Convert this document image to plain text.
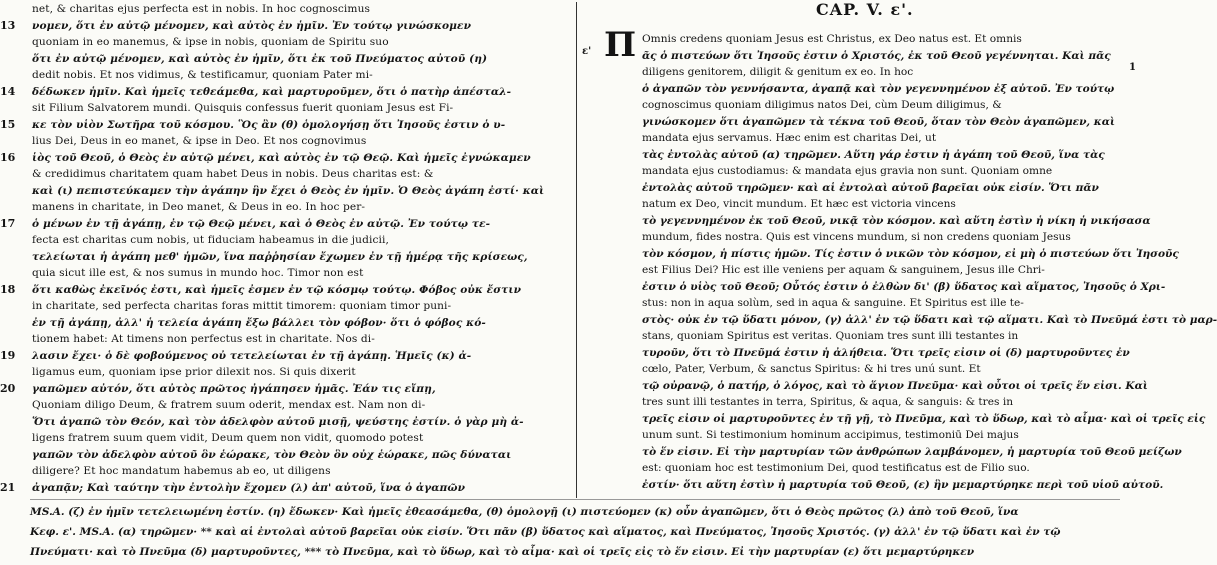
net, & charitas ejus perfecta est in nobis. In hoc cognoscimus
13	νομεν, ὅτι ἐν αὐτῷ μένομεν, καὶ αὐτὸς ἐν ἡμῖν. Ἐν τούτῳ γινώσκομεν
quoniam in eo manemus, & ipse in nobis, quoniam de Spiritu suo
ὅτι ἐν αὐτῷ μένομεν, καὶ αὐτὸς ἐν ἡμῖν, ὅτι ἐκ τοῦ Πνεύματος αὐτοῦ (η)
dedit nobis. Et nos vidimus, & testificamur, quoniam Pater mi-
14	δέδωκεν ἡμῖν. Καὶ ἡμεῖς τεθεάμεθα, καὶ μαρτυροῦμεν, ὅτι ὁ πατὴρ ἀπέσταλ-
sit Filium Salvatorem mundi. Quisquis confessus fuerit quoniam Jesus est Fi-
15	κε τὸν υἱὸν Σωτῆρα τοῦ κόσμου. Ὃς ἂν (θ) ὁμολογήσῃ ὅτι Ἰησοῦς ἐστιν ὁ υ-
lius Dei, Deus in eo manet, & ipse in Deo. Et nos cognovimus
16	ἱὸς τοῦ Θεοῦ, ὁ Θεὸς ἐν αὐτῷ μένει, καὶ αὐτὸς ἐν τῷ Θεῷ. Καὶ ἡμεῖς ἐγνώκαμεν
& credidimus charitatem quam habet Deus in nobis. Deus charitas est: &
καὶ (ι) πεπιστεύκαμεν τὴν ἀγάπην ἣν ἔχει ὁ Θεὸς ἐν ἡμῖν. Ὁ Θεὸς ἀγάπη ἐστί· καὶ
manens in charitate, in Deo manet, & Deus in eo. In hoc per-
17	ὁ μένων ἐν τῇ ἀγάπῃ, ἐν τῷ Θεῷ μένει, καὶ ὁ Θεὸς ἐν αὐτῷ. Ἐν τούτῳ τε-
fecta est charitas cum nobis, ut fiduciam habeamus in die judicii,
τελείωται ἡ ἀγάπη μεθ' ἡμῶν, ἵνα παῤῥησίαν ἔχωμεν ἐν τῇ ἡμέρᾳ τῆς κρίσεως,
quia sicut ille est, & nos sumus in mundo hoc. Timor non est
18	ὅτι καθὼς ἐκεῖνός ἐστι, καὶ ἡμεῖς ἐσμεν ἐν τῷ κόσμῳ τούτῳ. Φόβος οὐκ ἔστιν
in charitate, sed perfecta charitas foras mittit timorem: quoniam timor puni-
ἐν τῇ ἀγάπῃ, ἀλλ' ἡ τελεία ἀγάπη ἔξω βάλλει τὸν φόβον· ὅτι ὁ φόβος κό-
tionem habet: At timens non perfectus est in charitate. Nos di-
19	λασιν ἔχει· ὁ δὲ φοβούμενος οὐ τετελείωται ἐν τῇ ἀγάπῃ. Ἡμεῖς (κ) ἀ-
ligamus eum, quoniam ipse prior dilexit nos. Si quis dixerit
20	γαπῶμεν αὐτόν, ὅτι αὐτὸς πρῶτος ἠγάπησεν ἡμᾶς. Ἐάν τις εἴπῃ,
Quoniam diligo Deum, & fratrem suum oderit, mendax est. Nam non di-
Ὅτι ἀγαπῶ τὸν Θεόν, καὶ τὸν ἀδελφὸν αὐτοῦ μισῇ, ψεύστης ἐστίν. ὁ γὰρ μὴ ἀ-
ligens fratrem suum quem vidit, Deum quem non vidit, quomodo potest
γαπῶν τὸν ἀδελφὸν αὐτοῦ ὃν ἑώρακε, τὸν Θεὸν ὃν οὐχ ἑώρακε, πῶς δύναται
diligere? Et hoc mandatum habemus ab eo, ut diligens
21	ἀγαπᾷν; Καὶ ταύτην τὴν ἐντολὴν ἔχομεν (λ) ἀπ' αὐτοῦ, ἵνα ὁ ἀγαπῶν
CAP. V. ε'.
ε'
1
Π Omnis credens quoniam Jesus est Christus, ex Deo natus est. Et omnis
ᾶς ὁ πιστεύων ὅτι Ἰησοῦς ἐστιν ὁ Χριστός, ἐκ τοῦ Θεοῦ γεγέννηται. Καὶ πᾶς
diligens genitorem, diligit & genitum ex eo. In hoc
ὁ ἀγαπῶν τὸν γεννήσαντα, ἀγαπᾷ καὶ τὸν γεγεννημένον ἐξ αὐτοῦ. Ἐν τούτῳ
cognoscimus quoniam diligimus natos Dei, cùm Deum diligimus, &
γινώσκομεν ὅτι ἀγαπῶμεν τὰ τέκνα τοῦ Θεοῦ, ὅταν τὸν Θεὸν ἀγαπῶμεν, καὶ
mandata ejus servamus. Hæc enim est charitas Dei, ut
τὰς ἐντολὰς αὐτοῦ (α) τηρῶμεν. Αὕτη γάρ ἐστιν ἡ ἀγάπη τοῦ Θεοῦ, ἵνα τὰς
mandata ejus custodiamus: & mandata ejus gravia non sunt. Quoniam omne
ἐντολὰς αὐτοῦ τηρῶμεν· καὶ αἱ ἐντολαὶ αὐτοῦ βαρεῖαι οὐκ εἰσίν. Ὅτι πᾶν
natum ex Deo, vincit mundum. Et hæc est victoria vincens
τὸ γεγεννημένον ἐκ τοῦ Θεοῦ, νικᾷ τὸν κόσμον. καὶ αὕτη ἐστὶν ἡ νίκη ἡ νικήσασα
mundum, fides nostra. Quis est vincens mundum, si non credens quoniam Jesus
τὸν κόσμον, ἡ πίστις ἡμῶν. Τίς ἐστιν ὁ νικῶν τὸν κόσμον, εἰ μὴ ὁ πιστεύων ὅτι Ἰησοῦς
est Filius Dei? Hic est ille veniens per aquam & sanguinem, Jesus ille Chri-
ἐστιν ὁ υἱὸς τοῦ Θεοῦ; Οὗτός ἐστιν ὁ ἐλθὼν δι' (β) ὕδατος καὶ αἵματος, Ἰησοῦς ὁ Χρι-
stus: non in aqua solùm, sed in aqua & sanguine. Et Spiritus est ille te-
στὸς· οὐκ ἐν τῷ ὕδατι μόνον, (γ) ἀλλ' ἐν τῷ ὕδατι καὶ τῷ αἵματι. Καὶ τὸ Πνεῦμά ἐστι τὸ μαρ-
stans, quoniam Spiritus est veritas. Quoniam tres sunt illi testantes in
τυροῦν, ὅτι τὸ Πνεῦμά ἐστιν ἡ ἀλήθεια. Ὅτι τρεῖς εἰσιν οἱ (δ) μαρτυροῦντες ἐν
cœlo, Pater, Verbum, & sanctus Spiritus: & hi tres unú sunt. Et
τῷ οὐρανῷ, ὁ πατήρ, ὁ λόγος, καὶ τὸ ἅγιον Πνεῦμα· καὶ οὗτοι οἱ τρεῖς ἕν εἰσι. Καὶ
tres sunt illi testantes in terra, Spiritus, & aqua, & sanguis: & tres in
τρεῖς εἰσιν οἱ μαρτυροῦντες ἐν τῇ γῇ, τὸ Πνεῦμα, καὶ τὸ ὕδωρ, καὶ τὸ αἷμα· καὶ οἱ τρεῖς εἰς
unum sunt. Si testimonium hominum accipimus, testimoniū Dei majus
τὸ ἕν εἰσιν. Εἰ τὴν μαρτυρίαν τῶν ἀνθρώπων λαμβάνομεν, ἡ μαρτυρία τοῦ Θεοῦ μείζων
est: quoniam hoc est testimonium Dei, quod testificatus est de Filio suo.
ἐστίν· ὅτι αὕτη ἐστὶν ἡ μαρτυρία τοῦ Θεοῦ, (ε) ἣν μεμαρτύρηκε περὶ τοῦ υἱοῦ αὐτοῦ.
MS.A. (ζ) ἐν ἡμῖν τετελειωμένη ἐστίν. (η) ἔδωκεν· Καὶ ἡμεῖς ἐθεασάμεθα, (θ) ὁμολογῇ (ι) πιστεύομεν (κ) οὖν ἀγαπῶμεν, ὅτι ὁ Θεὸς πρῶτος (λ) ἀπὸ τοῦ Θεοῦ, ἵνα
Κεφ. ε'. MS.A. (α) τηρῶμεν· ** καὶ αἱ ἐντολαὶ αὐτοῦ βαρεῖαι οὐκ εἰσίν. Ὅτι πᾶν (β) ὕδατος καὶ αἵματος, καὶ Πνεύματος, Ἰησοῦς Χριστός. (γ) ἀλλ' ἐν τῷ ὕδατι καὶ ἐν τῷ
Πνεύματι· καὶ τὸ Πνεῦμα (δ) μαρτυροῦντες, *** τὸ Πνεῦμα, καὶ τὸ ὕδωρ, καὶ τὸ αἷμα· καὶ οἱ τρεῖς εἰς τὸ ἕν εἰσιν. Εἰ τὴν μαρτυρίαν (ε) ὅτι μεμαρτύρηκεν
